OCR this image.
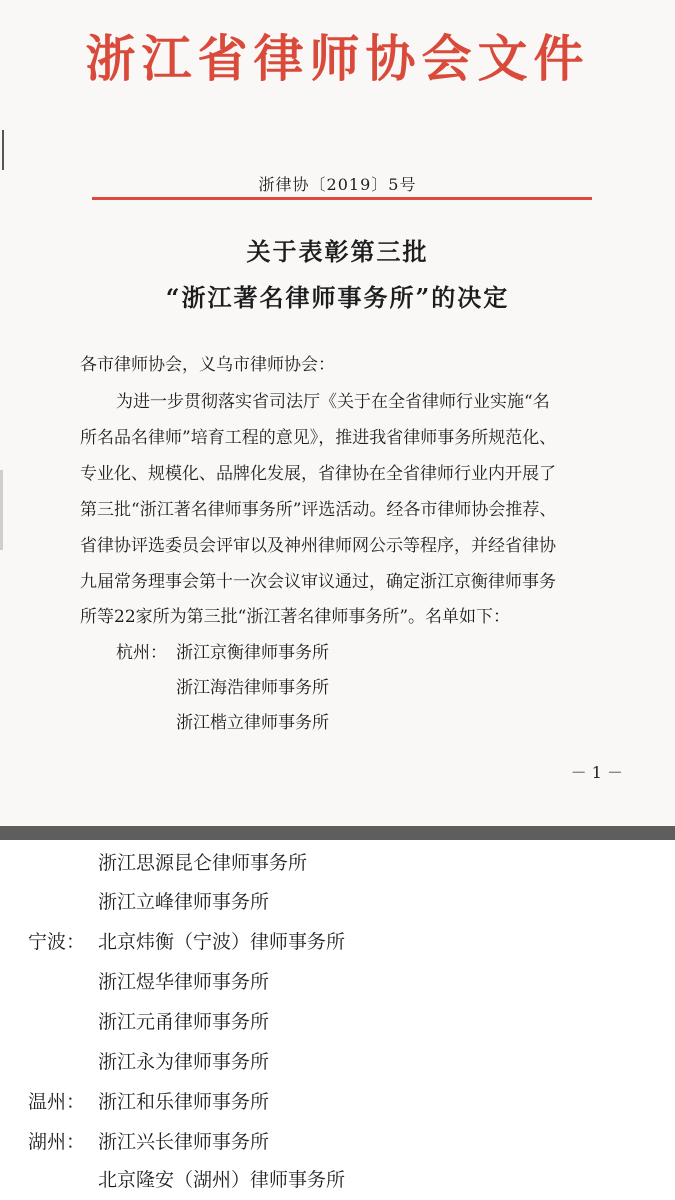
浙江省律师协会文件
浙律协〔2019〕5号
关于表彰第三批
“浙江著名律师事务所”的决定
各市律师协会，义乌市律师协会：
为进一步贯彻落实省司法厅《关于在全省律师行业实施“名
所名品名律师”培育工程的意见》，推进我省律师事务所规范化、
专业化、规模化、品牌化发展，省律协在全省律师行业内开展了
第三批“浙江著名律师事务所”评选活动。经各市律师协会推荐、
省律协评选委员会评审以及神州律师网公示等程序，并经省律协
九届常务理事会第十一次会议审议通过，确定浙江京衡律师事务
所等22家所为第三批“浙江著名律师事务所”。名单如下：
杭州： 浙江京衡律师事务所
浙江海浩律师事务所
浙江楷立律师事务所
－ 1 －
浙江思源昆仑律师事务所
浙江立峰律师事务所
宁波： 北京炜衡（宁波）律师事务所
浙江煜华律师事务所
浙江元甬律师事务所
浙江永为律师事务所
温州： 浙江和乐律师事务所
湖州： 浙江兴长律师事务所
北京隆安（湖州）律师事务所
